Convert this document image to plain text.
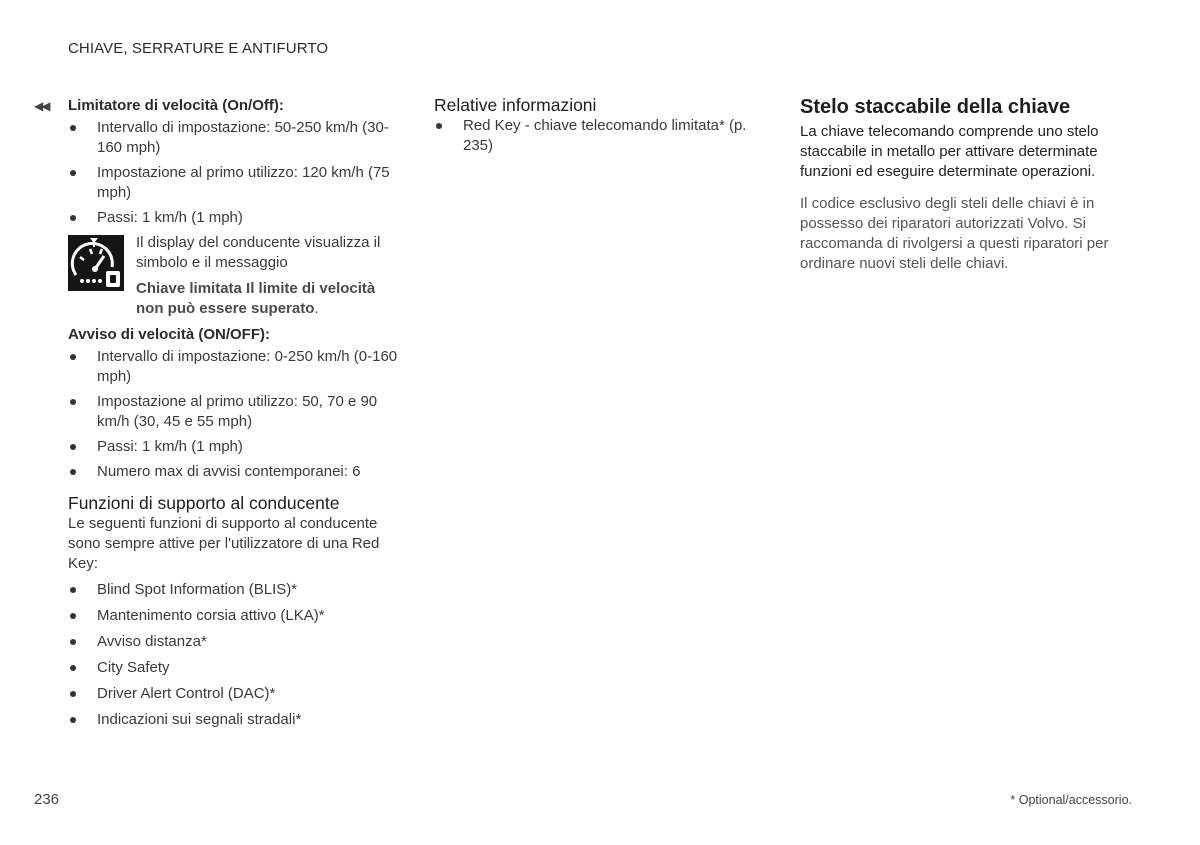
CHIAVE, SERRATURE E ANTIFURTO
◀◀ Limitatore di velocità (On/Off):
Intervallo di impostazione: 50-250 km/h (30-160 mph)
Impostazione al primo utilizzo: 120 km/h (75 mph)
Passi: 1 km/h (1 mph)
Il display del conducente visualizza il simbolo e il messaggio
Chiave limitata Il limite di velocità non può essere superato.
Avviso di velocità (ON/OFF):
Intervallo di impostazione: 0-250 km/h (0-160 mph)
Impostazione al primo utilizzo: 50, 70 e 90 km/h (30, 45 e 55 mph)
Passi: 1 km/h (1 mph)
Numero max di avvisi contemporanei: 6
Funzioni di supporto al conducente
Le seguenti funzioni di supporto al conducente sono sempre attive per l'utilizzatore di una Red Key:
Blind Spot Information (BLIS)*
Mantenimento corsia attivo (LKA)*
Avviso distanza*
City Safety
Driver Alert Control (DAC)*
Indicazioni sui segnali stradali*
Relative informazioni
Red Key - chiave telecomando limitata* (p. 235)
Stelo staccabile della chiave
La chiave telecomando comprende uno stelo staccabile in metallo per attivare determinate funzioni ed eseguire determinate operazioni.
Il codice esclusivo degli steli delle chiavi è in possesso dei riparatori autorizzati Volvo. Si raccomanda di rivolgersi a questi riparatori per ordinare nuovi steli delle chiavi.
236	* Optional/accessorio.
